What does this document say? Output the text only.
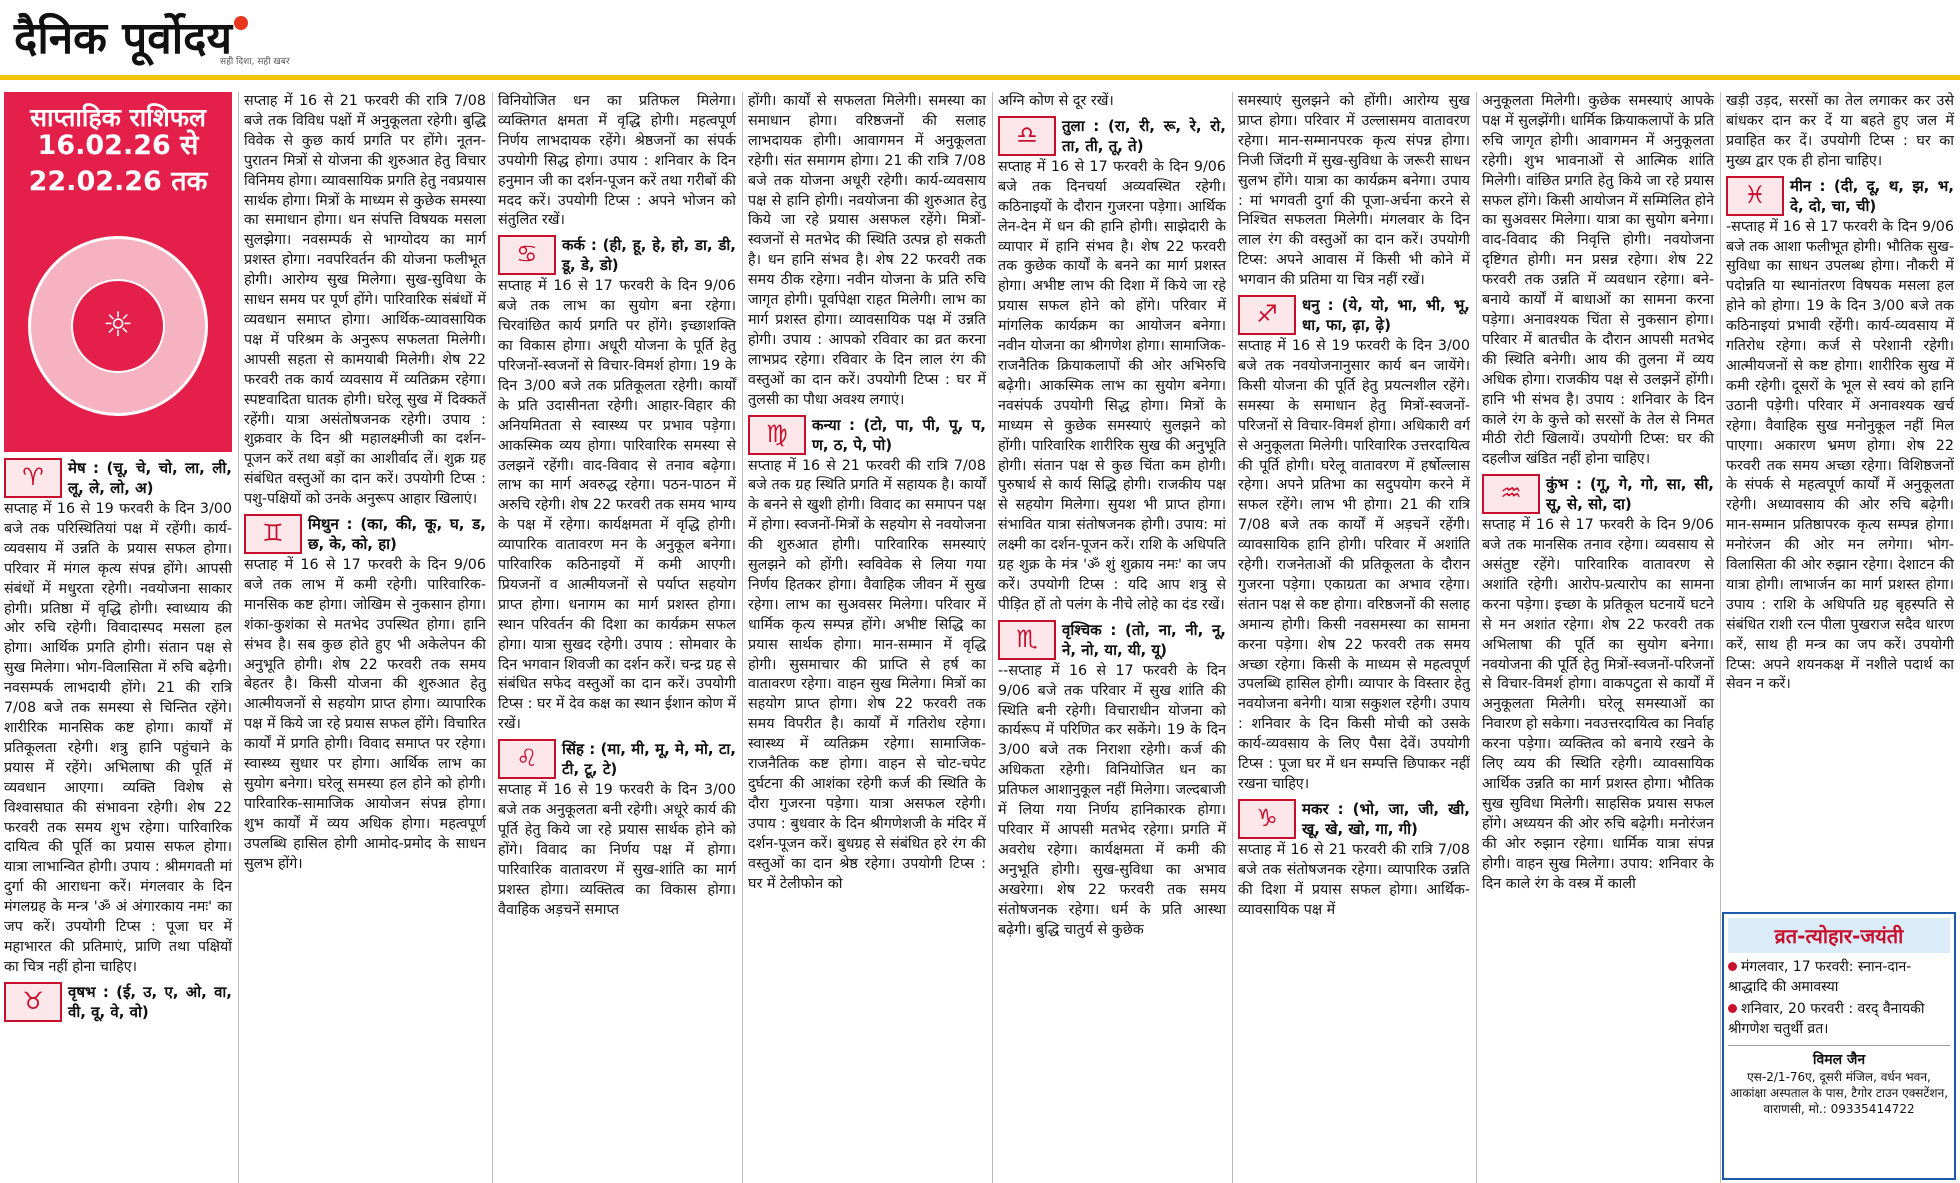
दैनिक पूर्वोदय
सही दिशा, सही खबर
साप्ताहिक राशिफल
16.02.26 से
22.02.26 तक
☼
♈	मेष : (चू, चे, चो, ला, ली, लू, ले, लो, अ)

सप्ताह में 16 से 19 फरवरी के दिन 3/00 बजे तक परिस्थितियां पक्ष में रहेंगी। कार्य-व्यवसाय में उन्नति के प्रयास सफल होगा। परिवार में मंगल कृत्य संपन्न होंगे। आपसी संबंधों में मधुरता रहेगी। नवयोजना साकार होगी। प्रतिष्ठा में वृद्धि होगी। स्वाध्याय की ओर रुचि रहेगी। विवादास्पद मसला हल होगा। आर्थिक प्रगति होगी। संतान पक्ष से सुख मिलेगा। भोग-विलासिता में रुचि बढ़ेगी। नवसम्पर्क लाभदायी होंगे। 21 की रात्रि 7/08 बजे तक समस्या से चिन्तित रहेंगे। शारीरिक मानसिक कष्ट होगा। कार्यों में प्रतिकूलता रहेगी। शत्रु हानि पहुंचाने के प्रयास में रहेंगे। अभिलाषा की पूर्ति में व्यवधान आएगा। व्यक्ति विशेष से विश्वासघात की संभावना रहेगी। शेष 22 फरवरी तक समय शुभ रहेगा। पारिवारिक दायित्व की पूर्ति का प्रयास सफल होगा। यात्रा लाभान्वित होगी। उपाय : श्रीमगवती मां दुर्गा की आराधना करें। मंगलवार के दिन मंगलग्रह के मन्त्र 'ॐ अं अंगारकाय नमः' का जप करें। उपयोगी टिप्स : पूजा घर में महाभारत की प्रतिमाएं, प्राणि तथा पक्षियों का चित्र नहीं होना चाहिए।

♉	वृषभ : (ई, उ, ए, ओ, वा, वी, वू, वे, वो)

सप्ताह में 16 से 21 फरवरी की रात्रि 7/08 बजे तक विविध पक्षों में अनुकूलता रहेगी। बुद्धि विवेक से कुछ कार्य प्रगति पर होंगे। नूतन-पुरातन मित्रों से योजना की शुरुआत हेतु विचार विनिमय होगा। व्यावसायिक प्रगति हेतु नवप्रयास सार्थक होगा। मित्रों के माध्यम से कुछेक समस्या का समाधान होगा। धन संपत्ति विषयक मसला सुलझेगा। नवसम्पर्क से भाग्योदय का मार्ग प्रशस्त होगा। नवपरिवर्तन की योजना फलीभूत होगी। आरोग्य सुख मिलेगा। सुख-सुविधा के साधन समय पर पूर्ण होंगे। पारिवारिक संबंधों में व्यवधान समाप्त होगा। आर्थिक-व्यावसायिक पक्ष में परिश्रम के अनुरूप सफलता मिलेगी। आपसी सहता से कामयाबी मिलेगी। शेष 22 फरवरी तक कार्य व्यवसाय में व्यतिक्रम रहेगा। स्पष्टवादिता घातक होगी। घरेलू सुख में दिक्कतें रहेंगी। यात्रा असंतोषजनक रहेगी। उपाय : शुक्रवार के दिन श्री महालक्ष्मीजी का दर्शन-पूजन करें तथा बड़ों का आशीर्वाद लें। शुक्र ग्रह संबंधित वस्तुओं का दान करें। उपयोगी टिप्स : पशु-पक्षियों को उनके अनुरूप आहार खिलाएं।

♊	मिथुन : (का, की, कू, घ, ड, छ, के, को, हा)

सप्ताह में 16 से 17 फरवरी के दिन 9/06 बजे तक लाभ में कमी रहेगी। पारिवारिक-मानसिक कष्ट होगा। जोखिम से नुकसान होगा। शंका-कुशंका से मतभेद उपस्थित होगा। हानि संभव है। सब कुछ होते हुए भी अकेलेपन की अनुभूति होगी। शेष 22 फरवरी तक समय बेहतर है। किसी योजना की शुरुआत हेतु आत्मीयजनों से सहयोग प्राप्त होगा। व्यापारिक पक्ष में किये जा रहे प्रयास सफल होंगे। विचारित कार्यों में प्रगति होगी। विवाद समाप्त पर रहेगा। स्वास्थ्य सुधार पर होगा। आर्थिक लाभ का सुयोग बनेगा। घरेलू समस्या हल होने को होगी। पारिवारिक-सामाजिक आयोजन संपन्न होगा। शुभ कार्यों में व्यय अधिक होगा। महत्वपूर्ण उपलब्धि हासिल होगी आमोद-प्रमोद के साधन सुलभ होंगे।

विनियोजित धन का प्रतिफल मिलेगा। व्यक्तिगत क्षमता में वृद्धि होगी। महत्वपूर्ण निर्णय लाभदायक रहेंगे। श्रेष्ठजनों का संपर्क उपयोगी सिद्ध होगा। उपाय : शनिवार के दिन हनुमान जी का दर्शन-पूजन करें तथा गरीबों की मदद करें। उपयोगी टिप्स : अपने भोजन को संतुलित रखें।

♋	कर्क : (ही, हू, हे, हो, डा, डी, डू, डे, डो)

सप्ताह में 16 से 17 फरवरी के दिन 9/06 बजे तक लाभ का सुयोग बना रहेगा। चिरवांछित कार्य प्रगति पर होंगे। इच्छाशक्ति का विकास होगा। अधूरी योजना के पूर्ति हेतु परिजनों-स्वजनों से विचार-विमर्श होगा। 19 के दिन 3/00 बजे तक प्रतिकूलता रहेगी। कार्यों के प्रति उदासीनता रहेगी। आहार-विहार की अनियमितता से स्वास्थ्य पर प्रभाव पड़ेगा। आकस्मिक व्यय होगा। पारिवारिक समस्या से उलझनें रहेंगी। वाद-विवाद से तनाव बढ़ेगा। लाभ का मार्ग अवरुद्ध रहेगा। पठन-पाठन में अरुचि रहेगी। शेष 22 फरवरी तक समय भाग्य के पक्ष में रहेगा। कार्यक्षमता में वृद्धि होगी। व्यापारिक वातावरण मन के अनुकूल बनेगा। पारिवारिक कठिनाइयों में कमी आएगी। प्रियजनों व आत्मीयजनों से पर्याप्त सहयोग प्राप्त होगा। धनागम का मार्ग प्रशस्त होगा। स्थान परिवर्तन की दिशा का कार्यक्रम सफल होगा। यात्रा सुखद रहेगी। उपाय : सोमवार के दिन भगवान शिवजी का दर्शन करें। चन्द्र ग्रह से संबंधित सफेद वस्तुओं का दान करें। उपयोगी टिप्स : घर में देव कक्ष का स्थान ईशान कोण में रखें।

♌	सिंह : (मा, मी, मू, मे, मो, टा, टी, टू, टे)

सप्ताह में 16 से 19 फरवरी के दिन 3/00 बजे तक अनुकूलता बनी रहेगी। अधूरे कार्य की पूर्ति हेतु किये जा रहे प्रयास सार्थक होने को होंगे। विवाद का निर्णय पक्ष में होगा। पारिवारिक वातावरण में सुख-शांति का मार्ग प्रशस्त होगा। व्यक्तित्व का विकास होगा। वैवाहिक अड़चनें समाप्त

होंगी। कार्यों से सफलता मिलेगी। समस्या का समाधान होगा। वरिष्ठजनों की सलाह लाभदायक होगी। आवागमन में अनुकूलता रहेगी। संत समागम होगा। 21 की रात्रि 7/08 बजे तक योजना अधूरी रहेगी। कार्य-व्यवसाय पक्ष से हानि होगी। नवयोजना की शुरुआत हेतु किये जा रहे प्रयास असफल रहेंगे। मित्रों-स्वजनों से मतभेद की स्थिति उत्पन्न हो सकती है। धन हानि संभव है। शेष 22 फरवरी तक समय ठीक रहेगा। नवीन योजना के प्रति रुचि जागृत होगी। पूर्वापेक्षा राहत मिलेगी। लाभ का मार्ग प्रशस्त होगा। व्यावसायिक पक्ष में उन्नति होगी। उपाय : आपको रविवार का व्रत करना लाभप्रद रहेगा। रविवार के दिन लाल रंग की वस्तुओं का दान करें। उपयोगी टिप्स : घर में तुलसी का पौधा अवश्य लगाएं।

♍	कन्या : (टो, पा, पी, पू, प, ण, ठ, पे, पो)

सप्ताह में 16 से 21 फरवरी की रात्रि 7/08 बजे तक ग्रह स्थिति प्रगति में सहायक है। कार्यों के बनने से खुशी होगी। विवाद का समापन पक्ष में होगा। स्वजनों-मित्रों के सहयोग से नवयोजना की शुरुआत होगी। पारिवारिक समस्याएं सुलझने को होंगी। स्वविवेक से लिया गया निर्णय हितकर होगा। वैवाहिक जीवन में सुख रहेगा। लाभ का सुअवसर मिलेगा। परिवार में धार्मिक कृत्य सम्पन्न होंगे। अभीष्ट सिद्धि का प्रयास सार्थक होगा। मान-सम्मान में वृद्धि होगी। सुसमाचार की प्राप्ति से हर्ष का वातावरण रहेगा। वाहन सुख मिलेगा। मित्रों का सहयोग प्राप्त होगा। शेष 22 फरवरी तक समय विपरीत है। कार्यों में गतिरोध रहेगा। स्वास्थ्य में व्यतिक्रम रहेगा। सामाजिक-राजनैतिक कष्ट होगा। वाहन से चोट-चपेट दुर्घटना की आशंका रहेगी कर्ज की स्थिति के दौरा गुजरना पड़ेगा। यात्रा असफल रहेगी। उपाय : बुधवार के दिन श्रीगणेशजी के मंदिर में दर्शन-पूजन करें। बुधग्रह से संबंधित हरे रंग की वस्तुओं का दान श्रेष्ठ रहेगा। उपयोगी टिप्स : घर में टेलीफोन को

अग्नि कोण से दूर रखें।

♎	तुला : (रा, री, रू, रे, रो, ता, ती, तू, ते)

सप्ताह में 16 से 17 फरवरी के दिन 9/06 बजे तक दिनचर्या अव्यवस्थित रहेगी। कठिनाइयों के दौरान गुजरना पड़ेगा। आर्थिक लेन-देन में धन की हानि होगी। साझेदारी के व्यापार में हानि संभव है। शेष 22 फरवरी तक कुछेक कार्यों के बनने का मार्ग प्रशस्त होगा। अभीष्ट लाभ की दिशा में किये जा रहे प्रयास सफल होने को होंगे। परिवार में मांगलिक कार्यक्रम का आयोजन बनेगा। नवीन योजना का श्रीगणेश होगा। सामाजिक-राजनैतिक क्रियाकलापों की ओर अभिरुचि बढ़ेगी। आकस्मिक लाभ का सुयोग बनेगा। नवसंपर्क उपयोगी सिद्ध होगा। मित्रों के माध्यम से कुछेक समस्याएं सुलझने को होंगी। पारिवारिक शारीरिक सुख की अनुभूति होगी। संतान पक्ष से कुछ चिंता कम होगी। पुरुषार्थ से कार्य सिद्धि होगी। राजकीय पक्ष से सहयोग मिलेगा। सुयश भी प्राप्त होगा। संभावित यात्रा संतोषजनक होगी। उपाय: मां लक्ष्मी का दर्शन-पूजन करें। राशि के अधिपति ग्रह शुक्र के मंत्र 'ॐ शुं शुक्राय नमः' का जप करें। उपयोगी टिप्स : यदि आप शत्रु से पीड़ित हों तो पलंग के नीचे लोहे का दंड रखें।

♏	वृश्चिक : (तो, ना, नी, नू, ने, नो, या, यी, यू)

--सप्ताह में 16 से 17 फरवरी के दिन 9/06 बजे तक परिवार में सुख शांति की स्थिति बनी रहेगी। विचाराधीन योजना को कार्यरूप में परिणित कर सकेंगे। 19 के दिन 3/00 बजे तक निराशा रहेगी। कर्ज की अधिकता रहेगी। विनियोजित धन का प्रतिफल आशानुकूल नहीं मिलेगा। जल्दबाजी में लिया गया निर्णय हानिकारक होगा। परिवार में आपसी मतभेद रहेगा। प्रगति में अवरोध रहेगा। कार्यक्षमता में कमी की अनुभूति होगी। सुख-सुविधा का अभाव अखरेगा। शेष 22 फरवरी तक समय संतोषजनक रहेगा। धर्म के प्रति आस्था बढ़ेगी। बुद्धि चातुर्य से कुछेक

समस्याएं सुलझने को होंगी। आरोग्य सुख प्राप्त होगा। परिवार में उल्लासमय वातावरण रहेगा। मान-सम्मानपरक कृत्य संपन्न होगा। निजी जिंदगी में सुख-सुविधा के जरूरी साधन सुलभ होंगे। यात्रा का कार्यक्रम बनेगा। उपाय : मां भगवती दुर्गा की पूजा-अर्चना करने से निश्चित सफलता मिलेगी। मंगलवार के दिन लाल रंग की वस्तुओं का दान करें। उपयोगी टिप्स: अपने आवास में किसी भी कोने में भगवान की प्रतिमा या चित्र नहीं रखें।

♐	धनु : (ये, यो, भा, भी, भू, धा, फा, ढ़ा, ढ़े)

सप्ताह में 16 से 19 फरवरी के दिन 3/00 बजे तक नवयोजनानुसार कार्य बन जायेंगे। किसी योजना की पूर्ति हेतु प्रयत्नशील रहेंगे। समस्या के समाधान हेतु मित्रों-स्वजनों-परिजनों से विचार-विमर्श होगा। अधिकारी वर्ग से अनुकूलता मिलेगी। पारिवारिक उत्तरदायित्व की पूर्ति होगी। घरेलू वातावरण में हर्षोल्लास रहेगा। अपने प्रतिभा का सदुपयोग करने में सफल रहेंगे। लाभ भी होगा। 21 की रात्रि 7/08 बजे तक कार्यों में अड़चनें रहेंगी। व्यावसायिक हानि होगी। परिवार में अशांति रहेगी। राजनेताओं की प्रतिकूलता के दौरान गुजरना पड़ेगा। एकाग्रता का अभाव रहेगा। संतान पक्ष से कष्ट होगा। वरिष्ठजनों की सलाह अमान्य होगी। किसी नवसमस्या का सामना करना पड़ेगा। शेष 22 फरवरी तक समय अच्छा रहेगा। किसी के माध्यम से महत्वपूर्ण उपलब्धि हासिल होगी। व्यापार के विस्तार हेतु नवयोजना बनेगी। यात्रा सकुशल रहेगी। उपाय : शनिवार के दिन किसी मोची को उसके कार्य-व्यवसाय के लिए पैसा देवें। उपयोगी टिप्स : पूजा घर में धन सम्पत्ति छिपाकर नहीं रखना चाहिए।

♑	मकर : (भो, जा, जी, खी, खू, खे, खो, गा, गी)

सप्ताह में 16 से 21 फरवरी की रात्रि 7/08 बजे तक संतोषजनक रहेगा। व्यापारिक उन्नति की दिशा में प्रयास सफल होगा। आर्थिक-व्यावसायिक पक्ष में

अनुकूलता मिलेगी। कुछेक समस्याएं आपके पक्ष में सुलझेंगी। धार्मिक क्रियाकलापों के प्रति रुचि जागृत होगी। आवागमन में अनुकूलता रहेगी। शुभ भावनाओं से आत्मिक शांति मिलेगी। वांछित प्रगति हेतु किये जा रहे प्रयास सफल होंगे। किसी आयोजन में सम्मिलित होने का सुअवसर मिलेगा। यात्रा का सुयोग बनेगा। वाद-विवाद की निवृत्ति होगी। नवयोजना दृष्टिगत होगी। मन प्रसन्न रहेगा। शेष 22 फरवरी तक उन्नति में व्यवधान रहेगा। बने-बनाये कार्यों में बाधाओं का सामना करना पड़ेगा। अनावश्यक चिंता से नुकसान होगा। परिवार में बातचीत के दौरान आपसी मतभेद की स्थिति बनेगी। आय की तुलना में व्यय अधिक होगा। राजकीय पक्ष से उलझनें होंगी। हानि भी संभव है। उपाय : शनिवार के दिन काले रंग के कुत्ते को सरसों के तेल से निमत मीठी रोटी खिलायें। उपयोगी टिप्स: घर की दहलीज खंडित नहीं होना चाहिए।

♒	कुंभ : (गू, गे, गो, सा, सी, सू, से, सो, दा)

सप्ताह में 16 से 17 फरवरी के दिन 9/06 बजे तक मानसिक तनाव रहेगा। व्यवसाय से असंतुष्ट रहेंगे। पारिवारिक वातावरण से अशांति रहेगी। आरोप-प्रत्यारोप का सामना करना पड़ेगा। इच्छा के प्रतिकूल घटनायें घटने से मन अशांत रहेगा। शेष 22 फरवरी तक अभिलाषा की पूर्ति का सुयोग बनेगा। नवयोजना की पूर्ति हेतु मित्रों-स्वजनों-परिजनों से विचार-विमर्श होगा। वाकपटुता से कार्यों में अनुकूलता मिलेगी। घरेलू समस्याओं का निवारण हो सकेगा। नवउत्तरदायित्व का निर्वाह करना पड़ेगा। व्यक्तित्व को बनाये रखने के लिए व्यय की स्थिति रहेगी। व्यावसायिक आर्थिक उन्नति का मार्ग प्रशस्त होगा। भौतिक सुख सुविधा मिलेगी। साहसिक प्रयास सफल होंगे। अध्ययन की ओर रुचि बढ़ेगी। मनोरंजन की ओर रुझान रहेगा। धार्मिक यात्रा संपन्न होगी। वाहन सुख मिलेगा। उपाय: शनिवार के दिन काले रंग के वस्त्र में काली

खड़ी उड़द, सरसों का तेल लगाकर कर उसे बांधकर दान कर दें या बहते हुए जल में प्रवाहित कर दें। उपयोगी टिप्स : घर का मुख्य द्वार एक ही होना चाहिए।

♓	मीन : (दी, दू, थ, झ, भ, दे, दो, चा, ची)

-सप्ताह में 16 से 17 फरवरी के दिन 9/06 बजे तक आशा फलीभूत होगी। भौतिक सुख-सुविधा का साधन उपलब्ध होगा। नौकरी में पदोन्नति या स्थानांतरण विषयक मसला हल होने को होगा। 19 के दिन 3/00 बजे तक कठिनाइयां प्रभावी रहेंगी। कार्य-व्यवसाय में गतिरोध रहेगा। कर्ज से परेशानी रहेगी। आत्मीयजनों से कष्ट होगा। शारीरिक सुख में कमी रहेगी। दूसरों के भूल से स्वयं को हानि उठानी पड़ेगी। परिवार में अनावश्यक खर्च रहेगा। वैवाहिक सुख मनोनुकूल नहीं मिल पाएगा। अकारण भ्रमण होगा। शेष 22 फरवरी तक समय अच्छा रहेगा। विशिष्ठजनों के संपर्क से महत्वपूर्ण कार्यों में अनुकूलता रहेगी। अध्यावसाय की ओर रुचि बढ़ेगी। मान-सम्मान प्रतिष्ठापरक कृत्य सम्पन्न होगा। मनोरंजन की ओर मन लगेगा। भोग-विलासिता की ओर रुझान रहेगा। देशाटन की यात्रा होगी। लाभार्जन का मार्ग प्रशस्त होगा। उपाय : राशि के अधिपति ग्रह बृहस्पति से संबंधित राशी रत्न पीला पुखराज सदैव धारण करें, साथ ही मन्त्र का जप करें। उपयोगी टिप्स: अपने शयनकक्ष में नशीले पदार्थ का सेवन न करें।

व्रत-त्योहार-जयंती
मंगलवार, 17 फरवरी: स्नान-दान-श्राद्धादि की अमावस्या
शनिवार, 20 फरवरी : वरद् वैनायकी श्रीगणेश चतुर्थी व्रत।
विमल जैन
एस-2/1-76ए, दूसरी मंजिल, वर्धन भवन, आकांक्षा अस्पताल के पास, टैगोर टाउन एक्सटेंशन, वाराणसी, मो.: 09335414722
